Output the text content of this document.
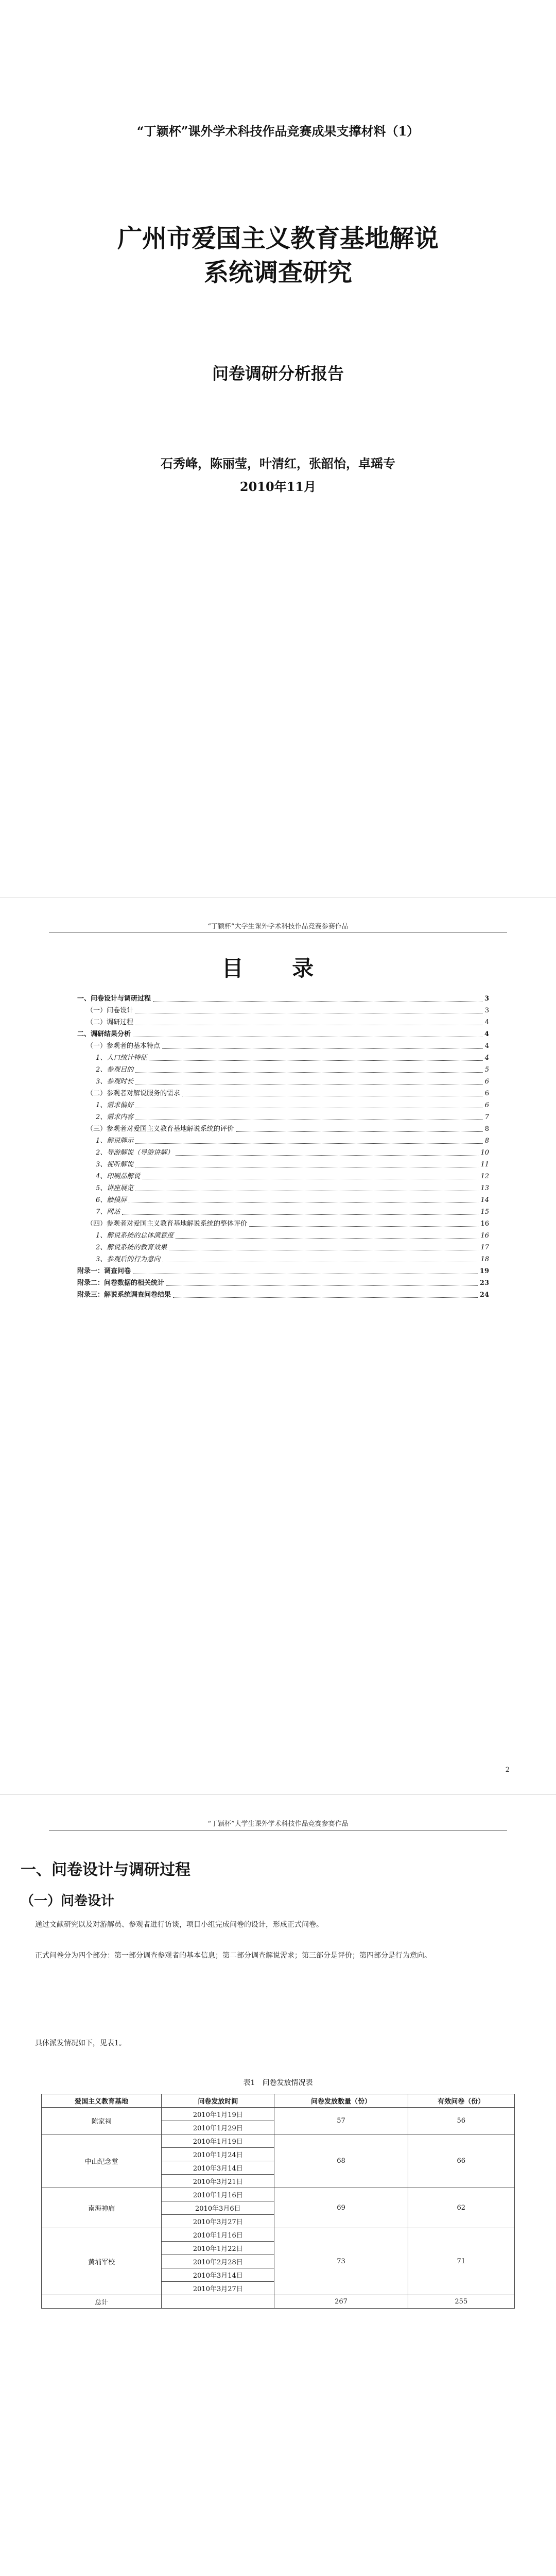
“丁颖杯”课外学术科技作品竞赛成果支撑材料（1）
广州市爱国主义教育基地解说
系统调查研究
问卷调研分析报告
石秀峰，陈丽莹，叶清红，张韶怡，卓瑶专
2010年11月
“丁颖杯”大学生课外学术科技作品竞赛参赛作品
目 录
一、问卷设计与调研过程	3
（一）问卷设计	3
（二）调研过程	4
二、调研结果分析	4
（一）参观者的基本特点	4
1、人口统计特征	4
2、参观目的	5
3、参观时长	6
（二）参观者对解说服务的需求	6
1、需求偏好	6
2、需求内容	7
（三）参观者对爱国主义教育基地解说系统的评价	8
1、解说牌示	8
2、导游解说（导游讲解）	10
3、视听解说	11
4、印刷品解说	12
5、讲座展览	13
6、触摸屏	14
7、网站	15
（四）参观者对爱国主义教育基地解说系统的整体评价	16
1、解说系统的总体满意度	16
2、解说系统的教育效果	17
3、参观后的行为意向	18
附录一：调查问卷	19
附录二：问卷数据的相关统计	23
附录三：解说系统调查问卷结果	24
2
“丁颖杯”大学生课外学术科技作品竞赛参赛作品
一、问卷设计与调研过程
（一）问卷设计
通过文献研究以及对游解员、参观者进行访谈，项目小组完成问卷的设计，形成正式问卷。
正式问卷分为四个部分：第一部分调查参观者的基本信息；第二部分调查解说需求；第三部分是评价；第四部分是行为意向。
具体派发情况如下，见表1。
表1　问卷发放情况表
爱国主义教育基地	问卷发放时间	问卷发放数量（份）	有效问卷（份）
陈家祠	2010年1月19日	57	56
	2010年1月29日		
中山纪念堂	2010年1月19日	68	66
	2010年1月24日		
	2010年3月14日		
	2010年3月21日		
南海神庙	2010年1月16日	69	62
	2010年3月6日		
	2010年3月27日		
黄埔军校	2010年1月16日	73	71
	2010年1月22日		
	2010年2月28日		
	2010年3月14日		
	2010年3月27日		
总计		267	255
